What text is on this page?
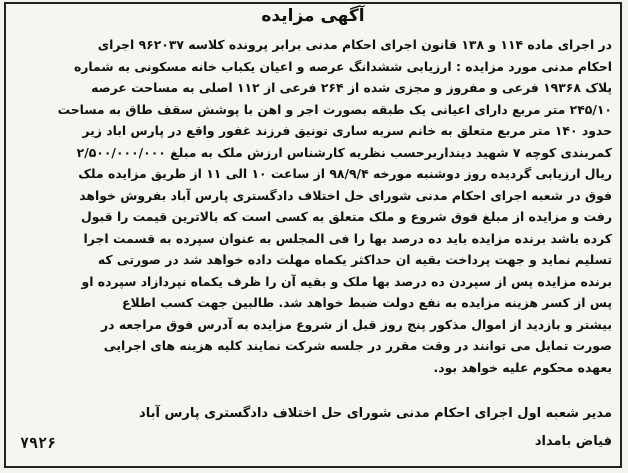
آگهی مزایده
در اجرای ماده ۱۱۴ و ۱۳۸ قانون اجرای احکام مدنی برابر پرونده کلاسه ۹۶۲۰۳۷ اجرای
احکام مدنی مورد مزایده : ارزیابی ششدانگ عرصه و اعیان یکباب خانه مسکونی به شماره
پلاک ۱۹۳۶۸ فرعی و مفروز و مجزی شده از ۲۶۴ فرعی از ۱۱۲ اصلی به مساحت عرصه
۲۴۵/۱۰ متر مربع دارای اعیانی یک طبقه بصورت اجر و اهن با پوشش سقف طاق به مساحت
حدود ۱۴۰ متر مربع متعلق به خانم سربه ساری تونیق فرزند غفور واقع در پارس اباد زیر
کمربندی کوچه ۷ شهید دینداربرحسب نظریه کارشناس ارزش ملک به مبلغ ۲/۵۰۰/۰۰۰/۰۰۰
ریال ارزیابی گردیده روز دوشنبه مورخه ۹۸/۹/۴ از ساعت ۱۰ الی ۱۱ از طریق مزایده ملک
فوق در شعبه اجرای احکام مدنی شورای حل اختلاف دادگستری پارس آباد بفروش خواهد
رفت و مزایده از مبلغ فوق شروع و ملک متعلق به کسی است که بالاترین قیمت را قبول
کرده باشد برنده مزایده باید ده درصد بها را فی المجلس به عنوان سپرده به قسمت اجرا
تسلیم نماید و جهت پرداخت بقیه ان حداکثر یکماه مهلت داده خواهد شد در صورتی که
برنده مزایده پس از سپردن ده درصد بها ملک و بقیه آن را ظرف یکماه نپردازاد سپرده او
پس از کسر هزینه مزایده به نفع دولت ضبط خواهد شد. طالبین جهت کسب اطلاع
بیشتر و بازدید از اموال مذکور پنج روز قبل از شروع مزایده به آدرس فوق مراجعه در
صورت تمایل می توانند در وقت مقرر در جلسه شرکت نمایند کلیه هزینه های اجرایی
بعهده محکوم علیه خواهد بود.
مدیر شعبه اول اجرای احکام مدنی شورای حل اختلاف دادگستری پارس آباد
فیاض بامداد
۷۹۲۶
